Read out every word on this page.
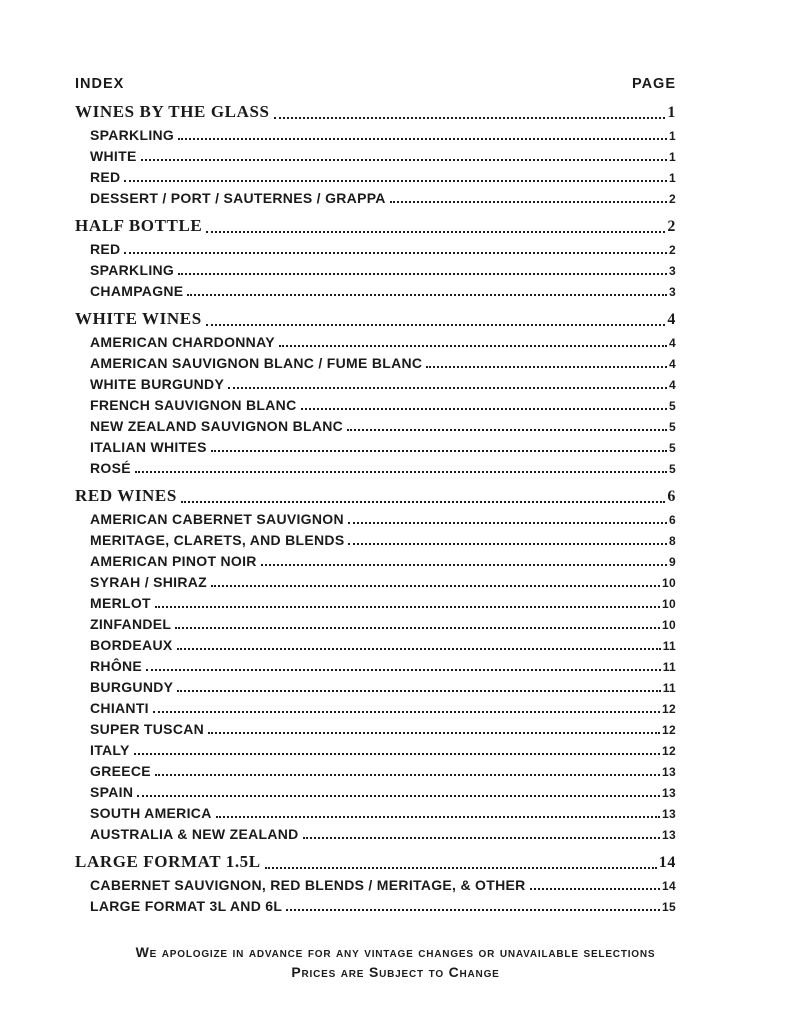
INDEX	PAGE
WINES BY THE GLASS	1
SPARKLING	1
WHITE	1
RED	1
DESSERT / PORT / SAUTERNES / GRAPPA	2
HALF BOTTLE	2
RED	2
SPARKLING	3
CHAMPAGNE	3
WHITE WINES	4
AMERICAN CHARDONNAY	4
AMERICAN SAUVIGNON BLANC / FUME BLANC	4
WHITE BURGUNDY	4
FRENCH SAUVIGNON BLANC	5
NEW ZEALAND SAUVIGNON BLANC	5
ITALIAN WHITES	5
ROSÉ	5
RED WINES	6
AMERICAN CABERNET SAUVIGNON	6
MERITAGE, CLARETS, AND BLENDS	8
AMERICAN PINOT NOIR	9
SYRAH / SHIRAZ	10
MERLOT	10
ZINFANDEL	10
BORDEAUX	11
RHÔNE	11
BURGUNDY	11
CHIANTI	12
SUPER TUSCAN	12
ITALY	12
GREECE	13
SPAIN	13
SOUTH AMERICA	13
AUSTRALIA & NEW ZEALAND	13
LARGE FORMAT 1.5L	14
CABERNET SAUVIGNON, RED BLENDS / MERITAGE, & OTHER	14
LARGE FORMAT 3L AND 6L	15
We apologize in advance for any vintage changes or unavailable selections
Prices are Subject to Change
